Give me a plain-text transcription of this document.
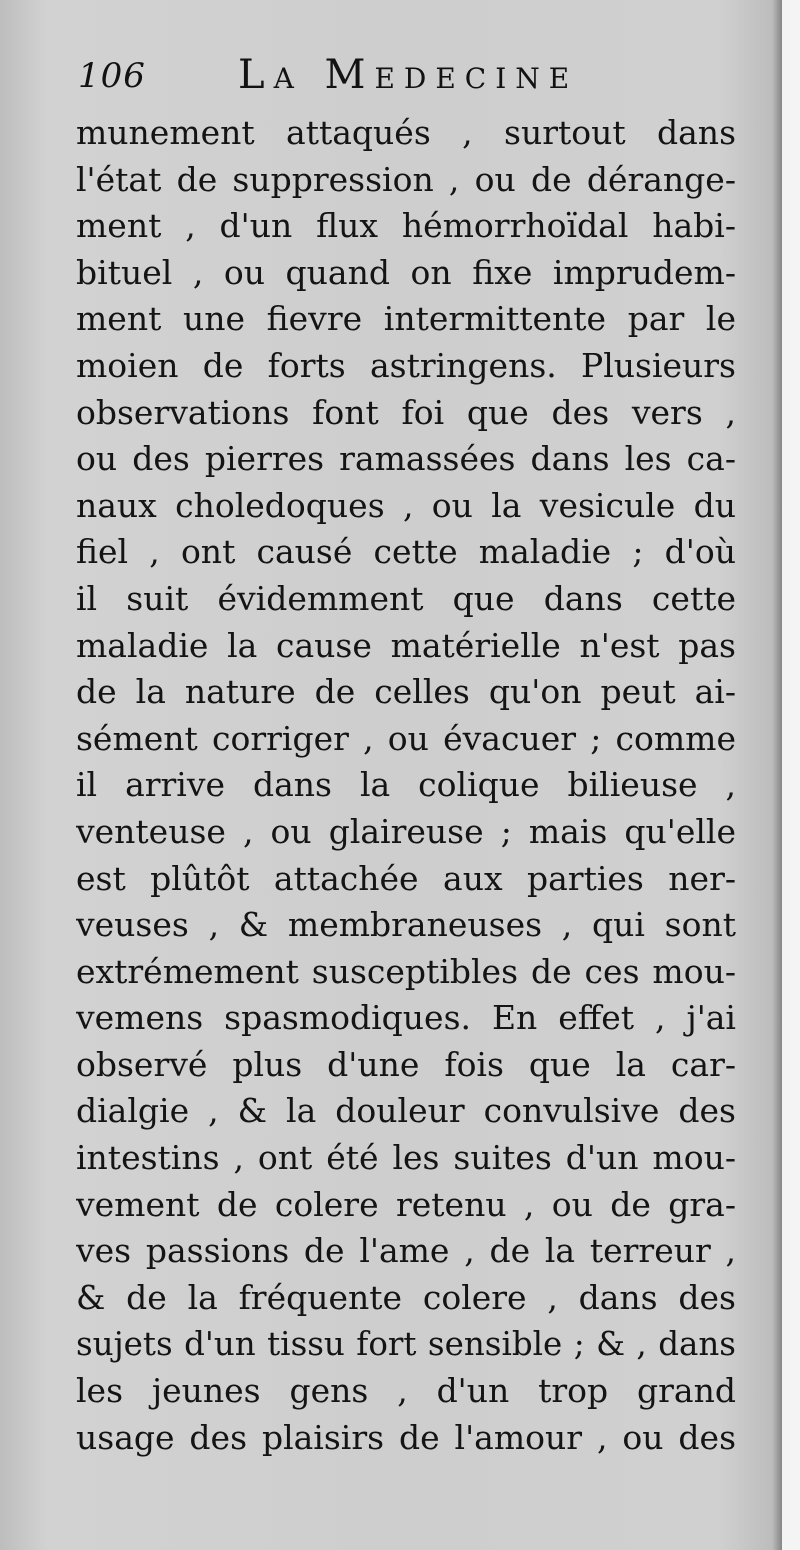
106 La Medecine
munement attaqués , surtout dans
l'état de suppression , ou de dérange-
ment , d'un flux hémorrhoïdal habi-
bituel , ou quand on fixe imprudem-
ment une fievre intermittente par le
moien de forts astringens. Plusieurs
observations font foi que des vers ,
ou des pierres ramassées dans les ca-
naux choledoques , ou la vesicule du
fiel , ont causé cette maladie ; d'où
il suit évidemment que dans cette
maladie la cause matérielle n'est pas
de la nature de celles qu'on peut ai-
sément corriger , ou évacuer ; comme
il arrive dans la colique bilieuse ,
venteuse , ou glaireuse ; mais qu'elle
est plûtôt attachée aux parties ner-
veuses , & membraneuses , qui sont
extrémement susceptibles de ces mou-
vemens spasmodiques. En effet , j'ai
observé plus d'une fois que la car-
dialgie , & la douleur convulsive des
intestins , ont été les suites d'un mou-
vement de colere retenu , ou de gra-
ves passions de l'ame , de la terreur ,
& de la fréquente colere , dans des
sujets d'un tissu fort sensible ; & , dans
les jeunes gens , d'un trop grand
usage des plaisirs de l'amour , ou des
